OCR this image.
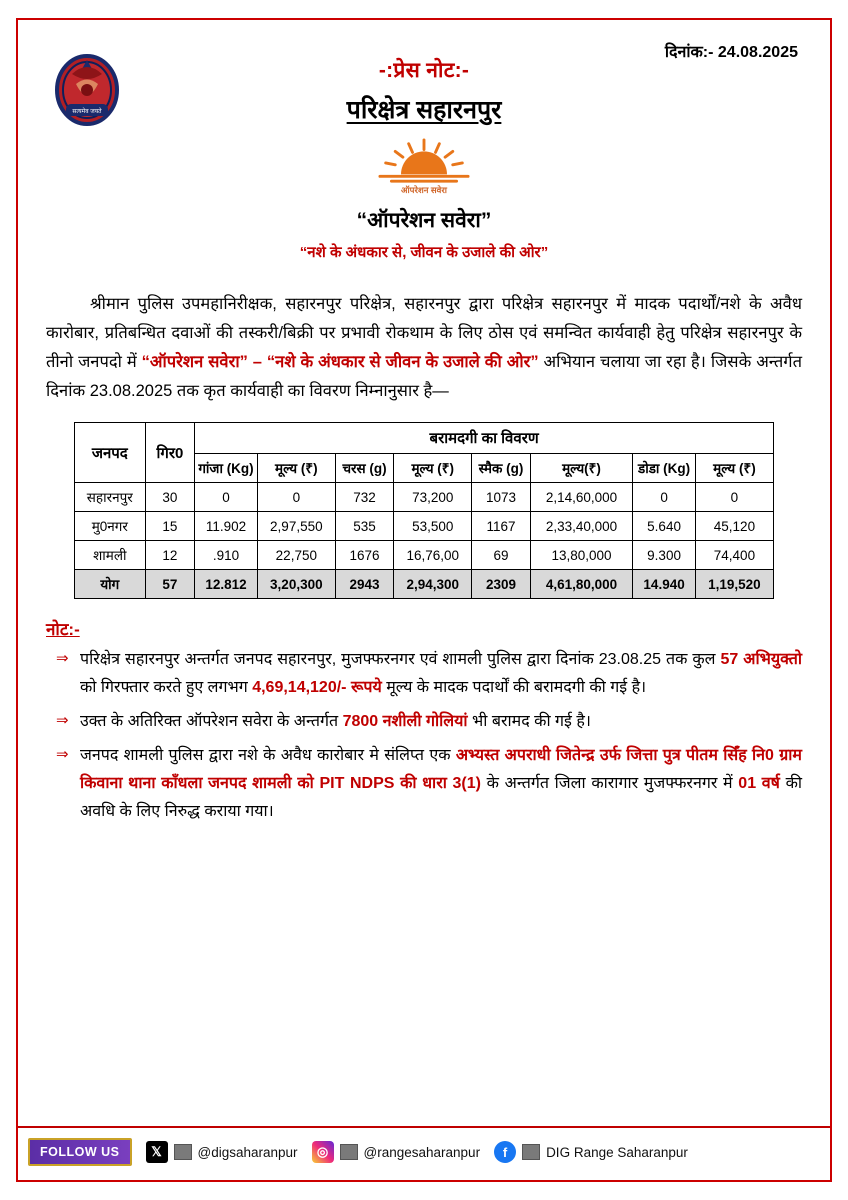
सत्यमेव जयते
दिनांक:- 24.08.2025
-:प्रेस नोट:-
परिक्षेत्र सहारनपुर
ऑपरेशन सवेरा
“ऑपरेशन सवेरा”
“नशे के अंधकार से, जीवन के उजाले की ओर”

श्रीमान पुलिस उपमहानिरीक्षक, सहारनपुर परिक्षेत्र, सहारनपुर द्वारा परिक्षेत्र सहारनपुर में मादक पदार्थों/नशे के अवैध कारोबार, प्रतिबन्धित दवाओं की तस्करी/बिक्री पर प्रभावी रोकथाम के लिए ठोस एवं समन्वित कार्यवाही हेतु परिक्षेत्र सहारनपुर के तीनो जनपदो में “ऑपरेशन सवेरा” – “नशे के अंधकार से जीवन के उजाले की ओर” अभियान चलाया जा रहा है। जिसके अन्तर्गत दिनांक 23.08.2025 तक कृत कार्यवाही का विवरण निम्नानुसार है—

जनपद	गिर0	बरामदगी का विवरण							
		गांजा (Kg)	मूल्य (₹)	चरस (g)	मूल्य (₹)	स्मैक (g)	मूल्य(₹)	डोडा (Kg)	मूल्य (₹)
सहारनपुर	30	0	0	732	73,200	1073	2,14,60,000	0	0
मु0नगर	15	11.902	2,97,550	535	53,500	1167	2,33,40,000	5.640	45,120
शामली	12	.910	22,750	1676	16,76,00	69	13,80,000	9.300	74,400
योग	57	12.812	3,20,300	2943	2,94,300	2309	4,61,80,000	14.940	1,19,520
नोट:-
⇒ परिक्षेत्र सहारनपुर अन्तर्गत जनपद सहारनपुर, मुजफ्फरनगर एवं शामली पुलिस द्वारा दिनांक 23.08.25 तक कुल 57 अभियुक्तो को गिरफ्तार करते हुए लगभग 4,69,14,120/- रूपये मूल्य के मादक पदार्थों की बरामदगी की गई है।
⇒ उक्त के अतिरिक्त ऑपरेशन सवेरा के अन्तर्गत 7800 नशीली गोलियां भी बरामद की गई है।
⇒ जनपद शामली पुलिस द्वारा नशे के अवैध कारोबार मे संलिप्त एक अभ्यस्त अपराधी जितेन्द्र उर्फ जित्ता पुत्र पीतम सिँह नि0 ग्राम किवाना थाना काँधला जनपद शामली को PIT NDPS की धारा 3(1) के अन्तर्गत जिला कारागार मुजफ्फरनगर में 01 वर्ष की अवधि के लिए निरुद्ध कराया गया।
FOLLOW US	𝕏	@digsaharanpur	◎	@rangesaharanpur	f	DIG Range Saharanpur
